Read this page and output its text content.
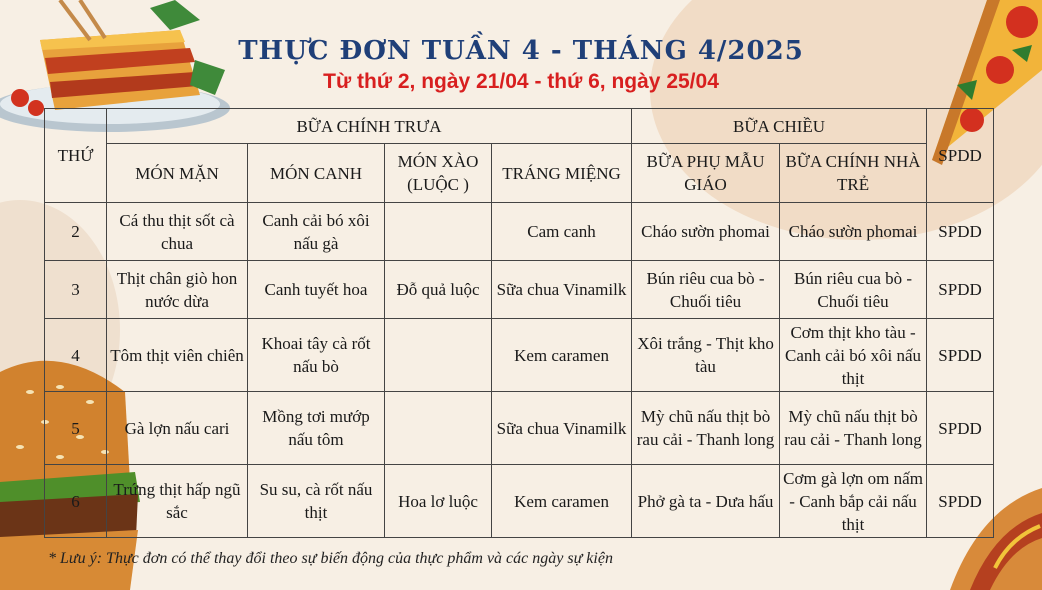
THỰC ĐƠN TUẦN 4 - THÁNG 4/2025
Từ thứ 2, ngày 21/04 - thứ 6, ngày 25/04
THỨ	BỮA CHÍNH TRƯA				BỮA CHIỀU		SPDD
	MÓN MẶN	MÓN CANH	MÓN XÀO (LUỘC )	TRÁNG MIỆNG	BỮA PHỤ MẪU GIÁO	BỮA CHÍNH NHÀ TRẺ	
2	Cá thu thịt sốt cà chua	Canh cải bó xôi nấu gà		Cam canh	Cháo sườn phomai	Cháo sườn phomai	SPDD
3	Thịt chân giò hon nước dừa	Canh tuyết hoa	Đỗ quả luộc	Sữa chua Vinamilk	Bún riêu cua bò - Chuối tiêu	Bún riêu cua bò - Chuối tiêu	SPDD
4	Tôm thịt viên chiên	Khoai tây cà rốt nấu bò		Kem caramen	Xôi trắng - Thịt kho tàu	Cơm thịt kho tàu - Canh cải bó xôi nấu thịt	SPDD
5	Gà lợn nấu cari	Mồng tơi mướp nấu tôm		Sữa chua Vinamilk	Mỳ chũ nấu thịt bò rau cải - Thanh long	Mỳ chũ nấu thịt bò rau cải - Thanh long	SPDD
6	Trứng thịt hấp ngũ sắc	Su su, cà rốt nấu thịt	Hoa lơ luộc	Kem caramen	Phở gà ta - Dưa hấu	Cơm gà lợn om nấm - Canh bắp cải nấu thịt	SPDD
* Lưu ý: Thực đơn có thể thay đổi theo sự biến động của thực phẩm và các ngày sự kiện
